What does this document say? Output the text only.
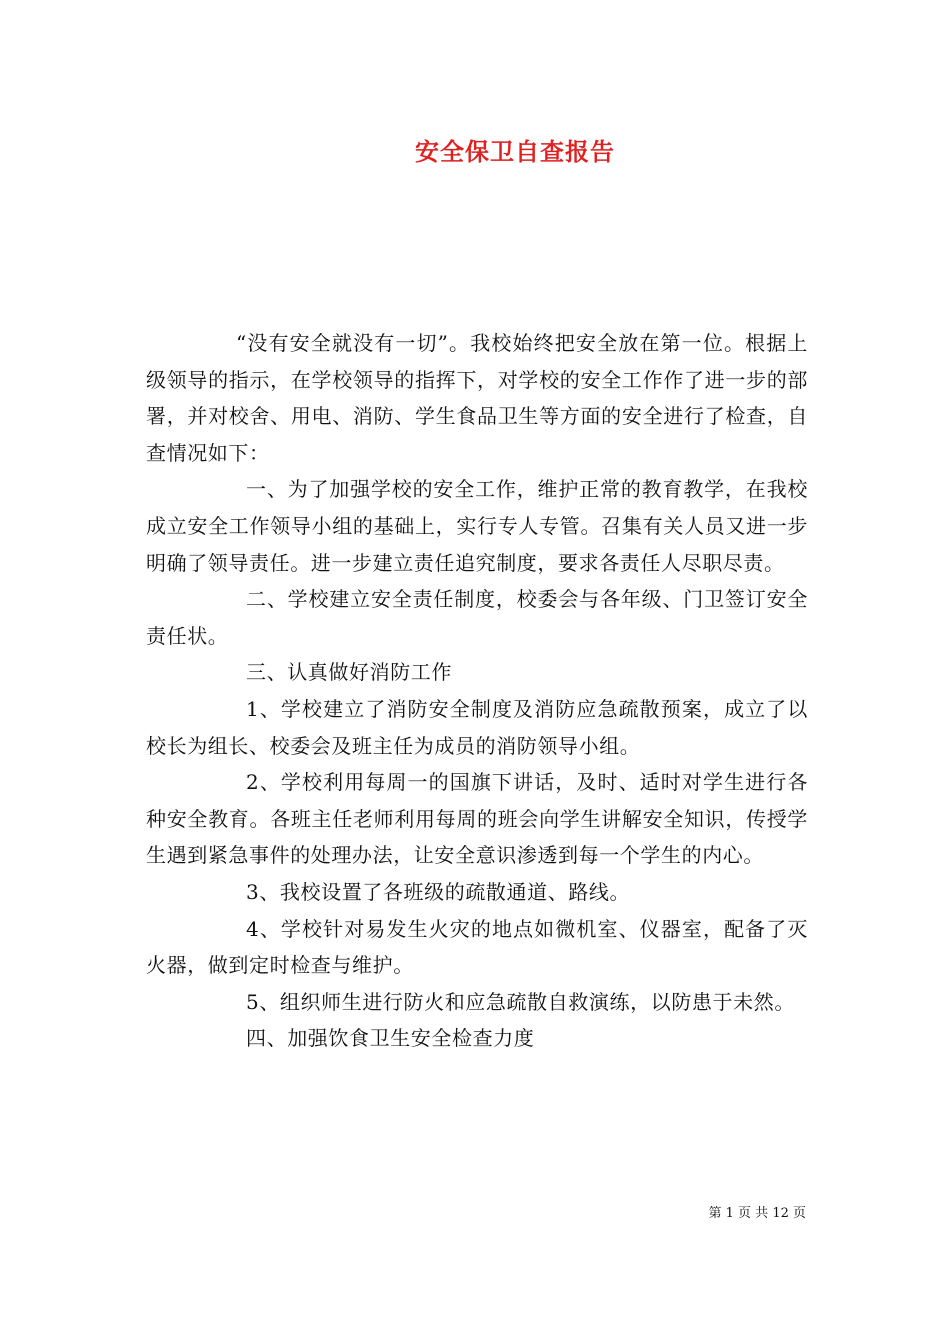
安全保卫自查报告

“没有安全就没有一切”。我校始终把安全放在第一位。根据上级领导的指示，在学校领导的指挥下，对学校的安全工作作了进一步的部署，并对校舍、用电、消防、学生食品卫生等方面的安全进行了检查，自查情况如下：

一、为了加强学校的安全工作，维护正常的教育教学，在我校成立安全工作领导小组的基础上，实行专人专管。召集有关人员又进一步明确了领导责任。进一步建立责任追究制度，要求各责任人尽职尽责。

二、学校建立安全责任制度，校委会与各年级、门卫签订安全责任状。

三、认真做好消防工作

1、学校建立了消防安全制度及消防应急疏散预案，成立了以校长为组长、校委会及班主任为成员的消防领导小组。

2、学校利用每周一的国旗下讲话，及时、适时对学生进行各种安全教育。各班主任老师利用每周的班会向学生讲解安全知识，传授学生遇到紧急事件的处理办法，让安全意识渗透到每一个学生的内心。

3、我校设置了各班级的疏散通道、路线。

4、学校针对易发生火灾的地点如微机室、仪器室，配备了灭火器，做到定时检查与维护。

5、组织师生进行防火和应急疏散自救演练，以防患于未然。

四、加强饮食卫生安全检查力度

第 1 页 共 12 页
